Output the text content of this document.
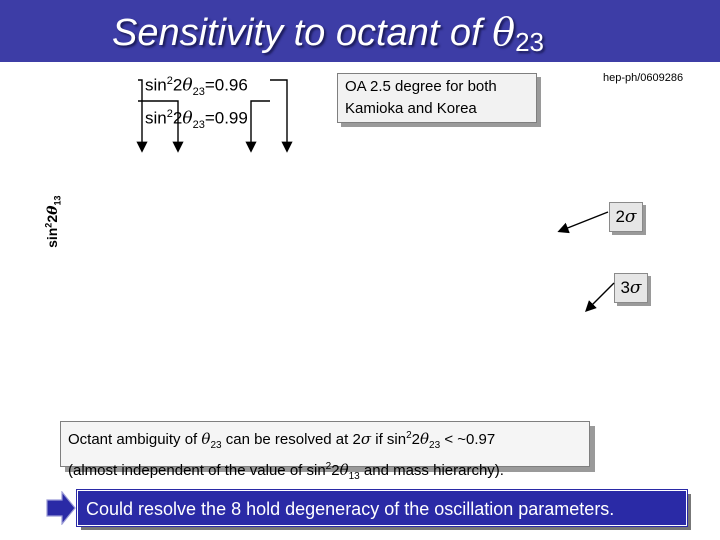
Sensitivity to octant of $\theta_{23}$
$\sin^22\theta_{23}=0.96$
$\sin^22\theta_{23}=0.99$
$\sin^22\theta_{13}$
OA 2.5 degree for both
Kamioka and Korea
hep-ph/0609286
2σ
3σ
Octant ambiguity of $\theta_{23}$ can be resolved at 2σ if $\sin^22\theta_{23}$ < ~0.97
(almost independent of the value of $\sin^22\theta_{13}$ and mass hierarchy).
Could resolve the 8 hold degeneracy of the oscillation parameters.
